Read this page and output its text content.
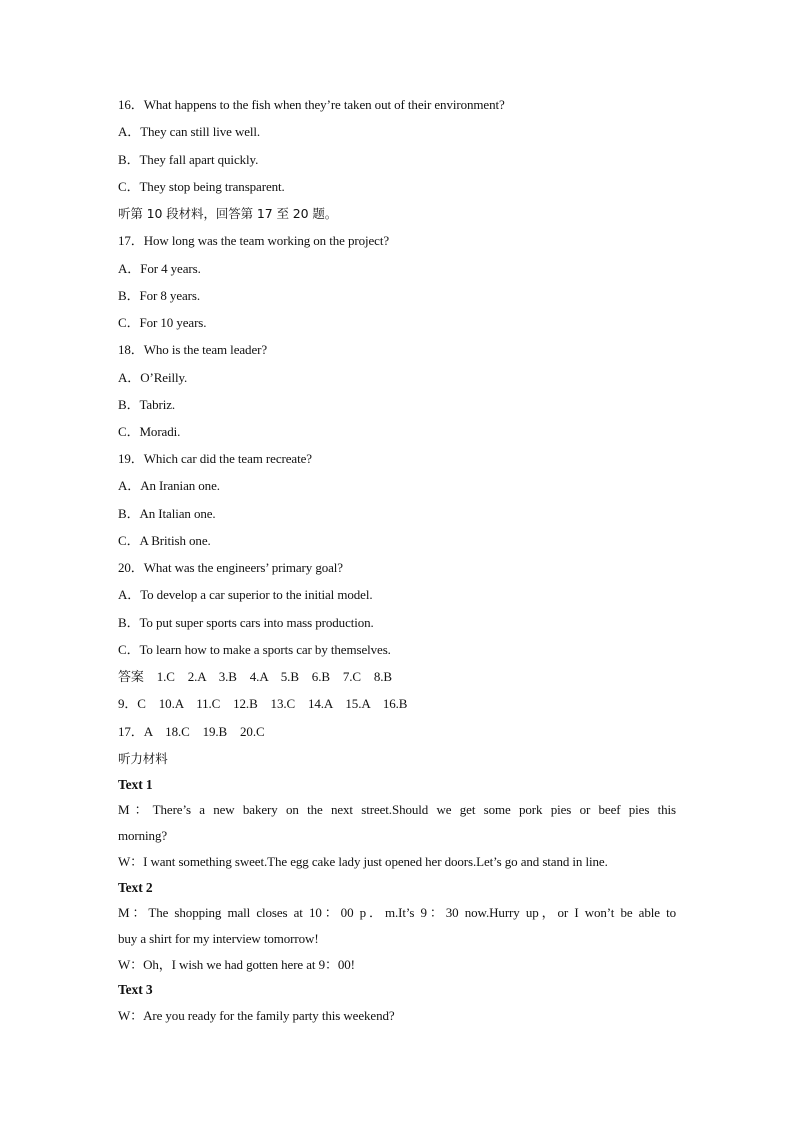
16．What happens to the fish when they’re taken out of their environment?
A．They can still live well.
B．They fall apart quickly.
C．They stop being transparent.
听第 10 段材料，回答第 17 至 20 题。
17．How long was the team working on the project?
A．For 4 years.
B．For 8 years.
C．For 10 years.
18．Who is the team leader?
A．O’Reilly.
B．Tabriz.
C．Moradi.
19．Which car did the team recreate?
A．An Iranian one.
B．An Italian one.
C．A British one.
20．What was the engineers’ primary goal?
A．To develop a car superior to the initial model.
B．To put super sports cars into mass production.
C．To learn how to make a sports car by themselves.
答案　1.C　2.A　3.B　4.A　5.B　6.B　7.C　8.B
9．C　10.A　11.C　12.B　13.C　14.A　15.A　16.B
17．A　18.C　19.B　20.C
听力材料
Text 1
M：There’s a new bakery on the next street.Should we get some pork pies or beef pies this
morning?
W：I want something sweet.The egg cake lady just opened her doors.Let’s go and stand in line.
Text 2
M：The shopping mall closes at 10：00 p．m.It’s 9：30 now.Hurry up，or I won’t be able to
buy a shirt for my interview tomorrow!
W：Oh，I wish we had gotten here at 9：00!
Text 3
W：Are you ready for the family party this weekend?
